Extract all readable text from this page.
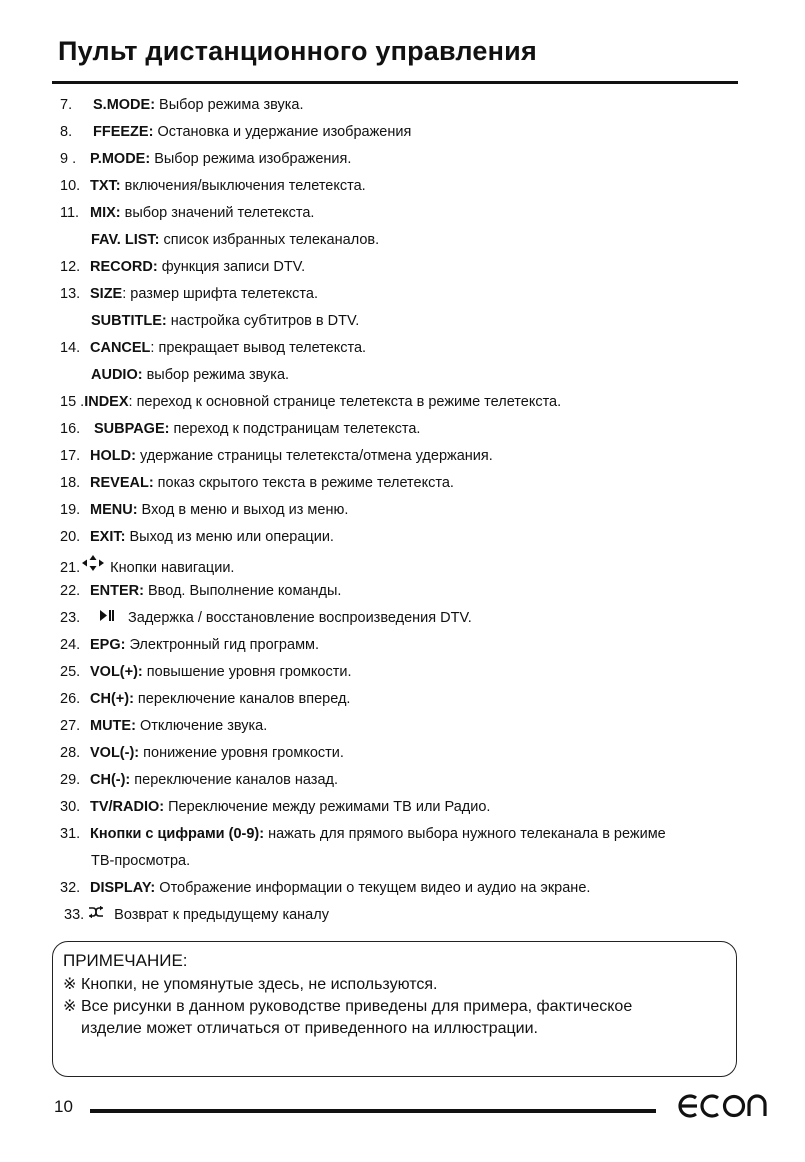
Пульт дистанционного управления
7. S.MODE: Выбор режима звука.
8. FFEEZE: Остановка и удержание изображения
9 . P.MODE: Выбор режима изображения.
10. TXT: включения/выключения телетекста.
11. MIX: выбор значений телетекста.
FAV. LIST: список избранных телеканалов.
12. RECORD: функция записи DTV.
13. SIZE: размер шрифта телетекста.
SUBTITLE: настройка субтитров в DTV.
14. CANCEL: прекращает вывод телетекста.
AUDIO: выбор режима звука.
15 .INDEX: переход к основной странице телетекста в режиме телетекста.
16. SUBPAGE: переход к подстраницам телетекста.
17. HOLD: удержание страницы телетекста/отмена удержания.
18. REVEAL: показ скрытого текста в режиме телетекста.
19. MENU: Вход в меню и выход из меню.
20. EXIT: Выход из меню или операции.
21. Кнопки навигации.
22. ENTER: Ввод. Выполнение команды.
23.	Задержка / восстановление воспроизведения DTV.
24. EPG: Электронный гид программ.
25. VOL(+): повышение уровня громкости.
26. CH(+): переключение каналов вперед.
27. MUTE: Отключение звука.
28. VOL(-): понижение уровня громкости.
29. CH(-): переключение каналов назад.
30. TV/RADIO: Переключение между режимами ТВ или Радио.
31. Кнопки с цифрами (0-9): нажать для прямого выбора нужного телеканала в режиме
ТВ-просмотра.
32. DISPLAY: Отображение информации о текущем видео и аудио на экране.
33. Возврат к предыдущему каналу

ПРИМЕЧАНИЕ:

※ Кнопки, не упомянутые здесь, не используются.

※ Все рисунки в данном руководстве приведены для примера, фактическое

изделие может отличаться от приведенного на иллюстрации.

10
